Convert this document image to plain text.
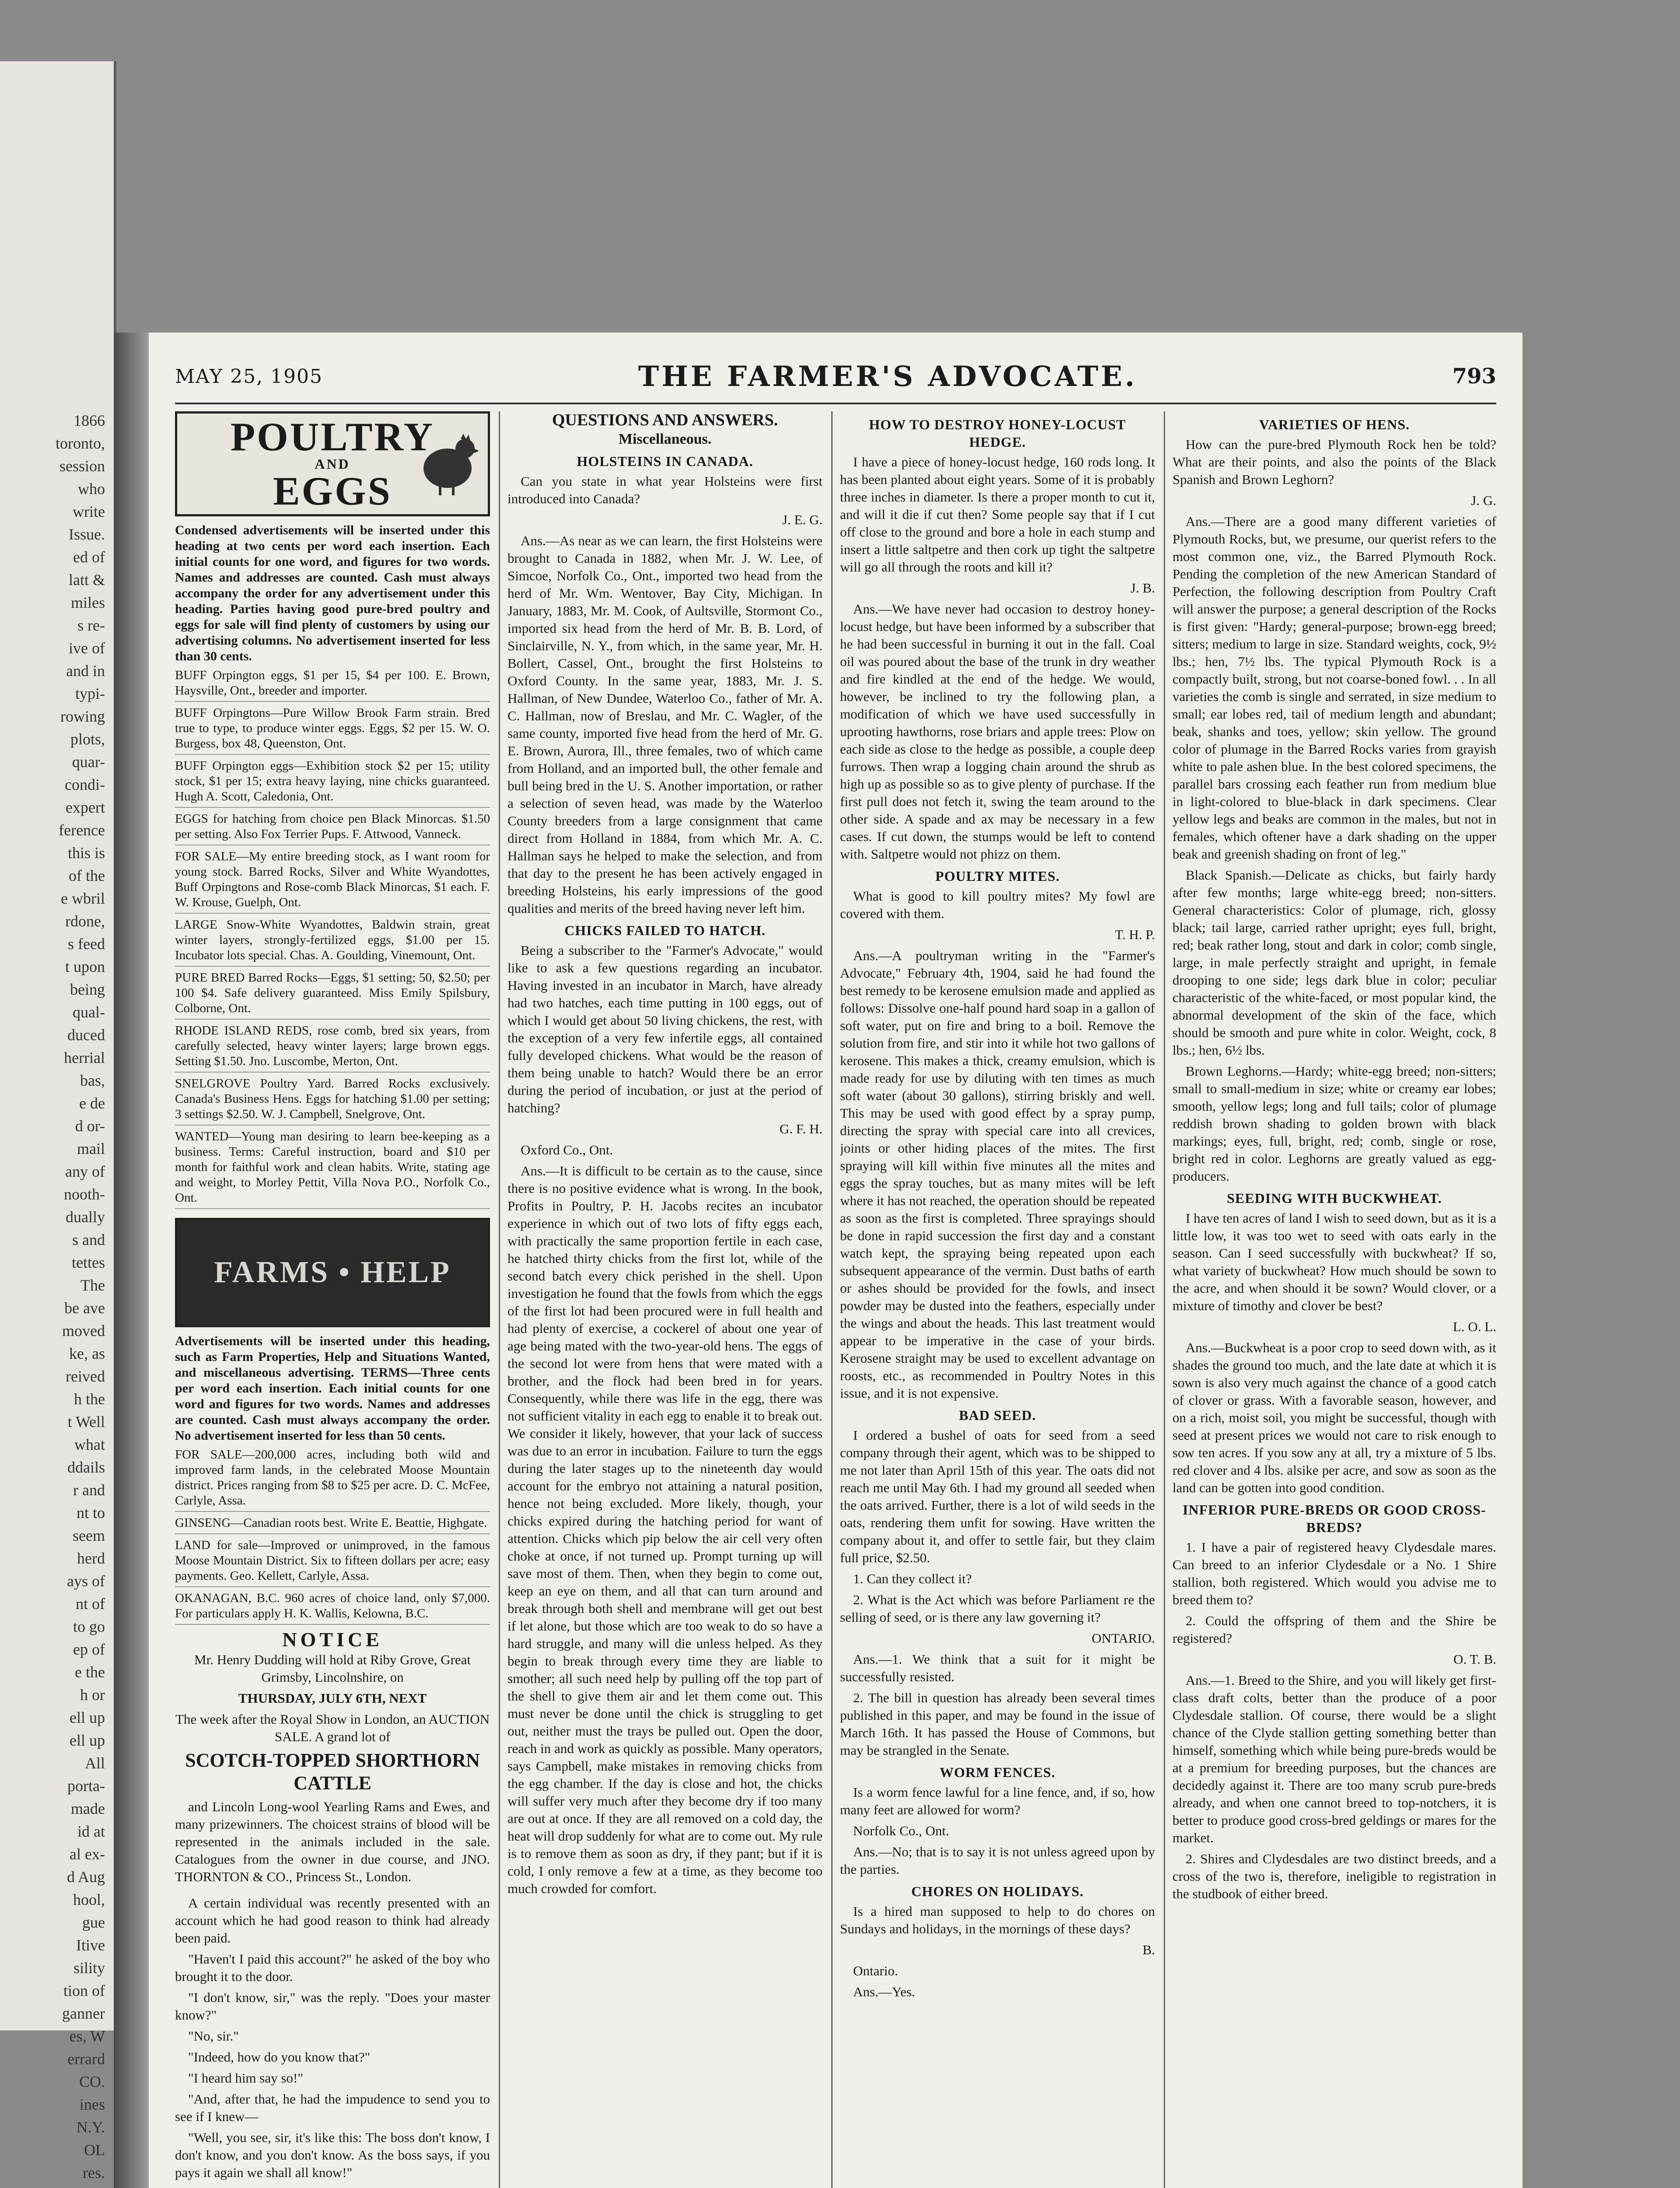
1866
toronto,
session
who
write
Issue.
ed of
latt &
miles
s re-
ive of
and in
typi-
rowing
plots,
quar-
condi-
expert
ference
this is
of the
e wbril
rdone,
s feed
t upon
being
qual-
duced
herrial
bas,
e de
d or-
mail
any of
nooth-
dually
s and
tettes
The
be ave
moved
ke, as
reived
h the
t Well
what
ddails
r and
nt to
seem
herd
ays of
nt of
to go
ep of
e the
h or
ell up
ell up
All
porta-
made
id at
al ex-
d Aug
hool,
gue
Itive
sility
tion of
ganner
es, W
errard
CO.
ines
N.Y.
OL
res.
MAY 25, 1905	THE FARMER'S ADVOCATE.	793
POULTRY
AND
EGGS

Condensed advertisements will be inserted under this heading at two cents per word each insertion. Each initial counts for one word, and figures for two words. Names and addresses are counted. Cash must always accompany the order for any advertisement under this heading. Parties having good pure-bred poultry and eggs for sale will find plenty of customers by using our advertising columns. No advertisement inserted for less than 30 cents.

BUFF Orpington eggs, $1 per 15, $4 per 100. E. Brown, Haysville, Ont., breeder and importer.

BUFF Orpingtons—Pure Willow Brook Farm strain. Bred true to type, to produce winter eggs. Eggs, $2 per 15. W. O. Burgess, box 48, Queenston, Ont.

BUFF Orpington eggs—Exhibition stock $2 per 15; utility stock, $1 per 15; extra heavy laying, nine chicks guaranteed. Hugh A. Scott, Caledonia, Ont.

EGGS for hatching from choice pen Black Minorcas. $1.50 per setting. Also Fox Terrier Pups. F. Attwood, Vanneck.

FOR SALE—My entire breeding stock, as I want room for young stock. Barred Rocks, Silver and White Wyandottes, Buff Orpingtons and Rose-comb Black Minorcas, $1 each. F. W. Krouse, Guelph, Ont.

LARGE Snow-White Wyandottes, Baldwin strain, great winter layers, strongly-fertilized eggs, $1.00 per 15. Incubator lots special. Chas. A. Goulding, Vinemount, Ont.

PURE BRED Barred Rocks—Eggs, $1 setting; 50, $2.50; per 100 $4. Safe delivery guaranteed. Miss Emily Spilsbury, Colborne, Ont.

RHODE ISLAND REDS, rose comb, bred six years, from carefully selected, heavy winter layers; large brown eggs. Setting $1.50. Jno. Luscombe, Merton, Ont.

SNELGROVE Poultry Yard. Barred Rocks exclusively. Canada's Business Hens. Eggs for hatching $1.00 per setting; 3 settings $2.50. W. J. Campbell, Snelgrove, Ont.

WANTED—Young man desiring to learn bee-keeping as a business. Terms: Careful instruction, board and $10 per month for faithful work and clean habits. Write, stating age and weight, to Morley Pettit, Villa Nova P.O., Norfolk Co., Ont.

FARMS • HELP

Advertisements will be inserted under this heading, such as Farm Properties, Help and Situations Wanted, and miscellaneous advertising. TERMS—Three cents per word each insertion. Each initial counts for one word and figures for two words. Names and addresses are counted. Cash must always accompany the order. No advertisement inserted for less than 50 cents.

FOR SALE—200,000 acres, including both wild and improved farm lands, in the celebrated Moose Mountain district. Prices ranging from $8 to $25 per acre. D. C. McFee, Carlyle, Assa.

GINSENG—Canadian roots best. Write E. Beattie, Highgate.

LAND for sale—Improved or unimproved, in the famous Moose Mountain District. Six to fifteen dollars per acre; easy payments. Geo. Kellett, Carlyle, Assa.

OKANAGAN, B.C. 960 acres of choice land, only $7,000. For particulars apply H. K. Wallis, Kelowna, B.C.

NOTICE

Mr. Henry Dudding will hold at Riby Grove, Great Grimsby, Lincolnshire, on

THURSDAY, JULY 6TH, NEXT

The week after the Royal Show in London, an AUCTION SALE. A grand lot of

SCOTCH-TOPPED SHORTHORN CATTLE

and Lincoln Long-wool Yearling Rams and Ewes, and many prizewinners. The choicest strains of blood will be represented in the animals included in the sale. Catalogues from the owner in due course, and JNO. THORNTON & CO., Princess St., London.

A certain individual was recently presented with an account which he had good reason to think had already been paid.

"Haven't I paid this account?" he asked of the boy who brought it to the door.

"I don't know, sir," was the reply. "Does your master know?"

"No, sir."

"Indeed, how do you know that?"

"I heard him say so!"

"And, after that, he had the impudence to send you to see if I knew—

"Well, you see, sir, it's like this: The boss don't know, I don't know, and you don't know. As the boss says, if you pays it again we shall all know!"

QUESTIONS AND ANSWERS.
Miscellaneous.
HOLSTEINS IN CANADA.

Can you state in what year Holsteins were first introduced into Canada?

J. E. G.

Ans.—As near as we can learn, the first Holsteins were brought to Canada in 1882, when Mr. J. W. Lee, of Simcoe, Norfolk Co., Ont., imported two head from the herd of Mr. Wm. Wentover, Bay City, Michigan. In January, 1883, Mr. M. Cook, of Aultsville, Stormont Co., imported six head from the herd of Mr. B. B. Lord, of Sinclairville, N. Y., from which, in the same year, Mr. H. Bollert, Cassel, Ont., brought the first Holsteins to Oxford County. In the same year, 1883, Mr. J. S. Hallman, of New Dundee, Waterloo Co., father of Mr. A. C. Hallman, now of Breslau, and Mr. C. Wagler, of the same county, imported five head from the herd of Mr. G. E. Brown, Aurora, Ill., three females, two of which came from Holland, and an imported bull, the other female and bull being bred in the U. S. Another importation, or rather a selection of seven head, was made by the Waterloo County breeders from a large consignment that came direct from Holland in 1884, from which Mr. A. C. Hallman says he helped to make the selection, and from that day to the present he has been actively engaged in breeding Holsteins, his early impressions of the good qualities and merits of the breed having never left him.

CHICKS FAILED TO HATCH.

Being a subscriber to the "Farmer's Advocate," would like to ask a few questions regarding an incubator. Having invested in an incubator in March, have already had two hatches, each time putting in 100 eggs, out of which I would get about 50 living chickens, the rest, with the exception of a very few infertile eggs, all contained fully developed chickens. What would be the reason of them being unable to hatch? Would there be an error during the period of incubation, or just at the period of hatching?

G. F. H.

Oxford Co., Ont.

Ans.—It is difficult to be certain as to the cause, since there is no positive evidence what is wrong. In the book, Profits in Poultry, P. H. Jacobs recites an incubator experience in which out of two lots of fifty eggs each, with practically the same proportion fertile in each case, he hatched thirty chicks from the first lot, while of the second batch every chick perished in the shell. Upon investigation he found that the fowls from which the eggs of the first lot had been procured were in full health and had plenty of exercise, a cockerel of about one year of age being mated with the two-year-old hens. The eggs of the second lot were from hens that were mated with a brother, and the flock had been bred in for years. Consequently, while there was life in the egg, there was not sufficient vitality in each egg to enable it to break out. We consider it likely, however, that your lack of success was due to an error in incubation. Failure to turn the eggs during the later stages up to the nineteenth day would account for the embryo not attaining a natural position, hence not being excluded. More likely, though, your chicks expired during the hatching period for want of attention. Chicks which pip below the air cell very often choke at once, if not turned up. Prompt turning up will save most of them. Then, when they begin to come out, keep an eye on them, and all that can turn around and break through both shell and membrane will get out best if let alone, but those which are too weak to do so have a hard struggle, and many will die unless helped. As they begin to break through every time they are liable to smother; all such need help by pulling off the top part of the shell to give them air and let them come out. This must never be done until the chick is struggling to get out, neither must the trays be pulled out. Open the door, reach in and work as quickly as possible. Many operators, says Campbell, make mistakes in removing chicks from the egg chamber. If the day is close and hot, the chicks will suffer very much after they become dry if too many are out at once. If they are all removed on a cold day, the heat will drop suddenly for what are to come out. My rule is to remove them as soon as dry, if they pant; but if it is cold, I only remove a few at a time, as they become too much crowded for comfort.

HOW TO DESTROY HONEY-LOCUST HEDGE.

I have a piece of honey-locust hedge, 160 rods long. It has been planted about eight years. Some of it is probably three inches in diameter. Is there a proper month to cut it, and will it die if cut then? Some people say that if I cut off close to the ground and bore a hole in each stump and insert a little saltpetre and then cork up tight the saltpetre will go all through the roots and kill it?

J. B.

Ans.—We have never had occasion to destroy honey-locust hedge, but have been informed by a subscriber that he had been successful in burning it out in the fall. Coal oil was poured about the base of the trunk in dry weather and fire kindled at the end of the hedge. We would, however, be inclined to try the following plan, a modification of which we have used successfully in uprooting hawthorns, rose briars and apple trees: Plow on each side as close to the hedge as possible, a couple deep furrows. Then wrap a logging chain around the shrub as high up as possible so as to give plenty of purchase. If the first pull does not fetch it, swing the team around to the other side. A spade and ax may be necessary in a few cases. If cut down, the stumps would be left to contend with. Saltpetre would not phizz on them.

POULTRY MITES.

What is good to kill poultry mites? My fowl are covered with them.

T. H. P.

Ans.—A poultryman writing in the "Farmer's Advocate," February 4th, 1904, said he had found the best remedy to be kerosene emulsion made and applied as follows: Dissolve one-half pound hard soap in a gallon of soft water, put on fire and bring to a boil. Remove the solution from fire, and stir into it while hot two gallons of kerosene. This makes a thick, creamy emulsion, which is made ready for use by diluting with ten times as much soft water (about 30 gallons), stirring briskly and well. This may be used with good effect by a spray pump, directing the spray with special care into all crevices, joints or other hiding places of the mites. The first spraying will kill within five minutes all the mites and eggs the spray touches, but as many mites will be left where it has not reached, the operation should be repeated as soon as the first is completed. Three sprayings should be done in rapid succession the first day and a constant watch kept, the spraying being repeated upon each subsequent appearance of the vermin. Dust baths of earth or ashes should be provided for the fowls, and insect powder may be dusted into the feathers, especially under the wings and about the heads. This last treatment would appear to be imperative in the case of your birds. Kerosene straight may be used to excellent advantage on roosts, etc., as recommended in Poultry Notes in this issue, and it is not expensive.

BAD SEED.

I ordered a bushel of oats for seed from a seed company through their agent, which was to be shipped to me not later than April 15th of this year. The oats did not reach me until May 6th. I had my ground all seeded when the oats arrived. Further, there is a lot of wild seeds in the oats, rendering them unfit for sowing. Have written the company about it, and offer to settle fair, but they claim full price, $2.50.

1. Can they collect it?

2. What is the Act which was before Parliament re the selling of seed, or is there any law governing it?

ONTARIO.

Ans.—1. We think that a suit for it might be successfully resisted.

2. The bill in question has already been several times published in this paper, and may be found in the issue of March 16th. It has passed the House of Commons, but may be strangled in the Senate.

WORM FENCES.

Is a worm fence lawful for a line fence, and, if so, how many feet are allowed for worm?

Norfolk Co., Ont.

Ans.—No; that is to say it is not unless agreed upon by the parties.

CHORES ON HOLIDAYS.

Is a hired man supposed to help to do chores on Sundays and holidays, in the mornings of these days?

B.

Ontario.

Ans.—Yes.

VARIETIES OF HENS.

How can the pure-bred Plymouth Rock hen be told? What are their points, and also the points of the Black Spanish and Brown Leghorn?

J. G.

Ans.—There are a good many different varieties of Plymouth Rocks, but, we presume, our querist refers to the most common one, viz., the Barred Plymouth Rock. Pending the completion of the new American Standard of Perfection, the following description from Poultry Craft will answer the purpose; a general description of the Rocks is first given: "Hardy; general-purpose; brown-egg breed; sitters; medium to large in size. Standard weights, cock, 9½ lbs.; hen, 7½ lbs. The typical Plymouth Rock is a compactly built, strong, but not coarse-boned fowl. . . In all varieties the comb is single and serrated, in size medium to small; ear lobes red, tail of medium length and abundant; beak, shanks and toes, yellow; skin yellow. The ground color of plumage in the Barred Rocks varies from grayish white to pale ashen blue. In the best colored specimens, the parallel bars crossing each feather run from medium blue in light-colored to blue-black in dark specimens. Clear yellow legs and beaks are common in the males, but not in females, which oftener have a dark shading on the upper beak and greenish shading on front of leg."

Black Spanish.—Delicate as chicks, but fairly hardy after few months; large white-egg breed; non-sitters. General characteristics: Color of plumage, rich, glossy black; tail large, carried rather upright; eyes full, bright, red; beak rather long, stout and dark in color; comb single, large, in male perfectly straight and upright, in female drooping to one side; legs dark blue in color; peculiar characteristic of the white-faced, or most popular kind, the abnormal development of the skin of the face, which should be smooth and pure white in color. Weight, cock, 8 lbs.; hen, 6½ lbs.

Brown Leghorns.—Hardy; white-egg breed; non-sitters; small to small-medium in size; white or creamy ear lobes; smooth, yellow legs; long and full tails; color of plumage reddish brown shading to golden brown with black markings; eyes, full, bright, red; comb, single or rose, bright red in color. Leghorns are greatly valued as egg-producers.

SEEDING WITH BUCKWHEAT.

I have ten acres of land I wish to seed down, but as it is a little low, it was too wet to seed with oats early in the season. Can I seed successfully with buckwheat? If so, what variety of buckwheat? How much should be sown to the acre, and when should it be sown? Would clover, or a mixture of timothy and clover be best?

L. O. L.

Ans.—Buckwheat is a poor crop to seed down with, as it shades the ground too much, and the late date at which it is sown is also very much against the chance of a good catch of clover or grass. With a favorable season, however, and on a rich, moist soil, you might be successful, though with seed at present prices we would not care to risk enough to sow ten acres. If you sow any at all, try a mixture of 5 lbs. red clover and 4 lbs. alsike per acre, and sow as soon as the land can be gotten into good condition.

INFERIOR PURE-BREDS OR GOOD CROSS-BREDS?

1. I have a pair of registered heavy Clydesdale mares. Can breed to an inferior Clydesdale or a No. 1 Shire stallion, both registered. Which would you advise me to breed them to?

2. Could the offspring of them and the Shire be registered?

O. T. B.

Ans.—1. Breed to the Shire, and you will likely get first-class draft colts, better than the produce of a poor Clydesdale stallion. Of course, there would be a slight chance of the Clyde stallion getting something better than himself, something which while being pure-breds would be at a premium for breeding purposes, but the chances are decidedly against it. There are too many scrub pure-breds already, and when one cannot breed to top-notchers, it is better to produce good cross-bred geldings or mares for the market.

2. Shires and Clydesdales are two distinct breeds, and a cross of the two is, therefore, ineligible to registration in the studbook of either breed.
